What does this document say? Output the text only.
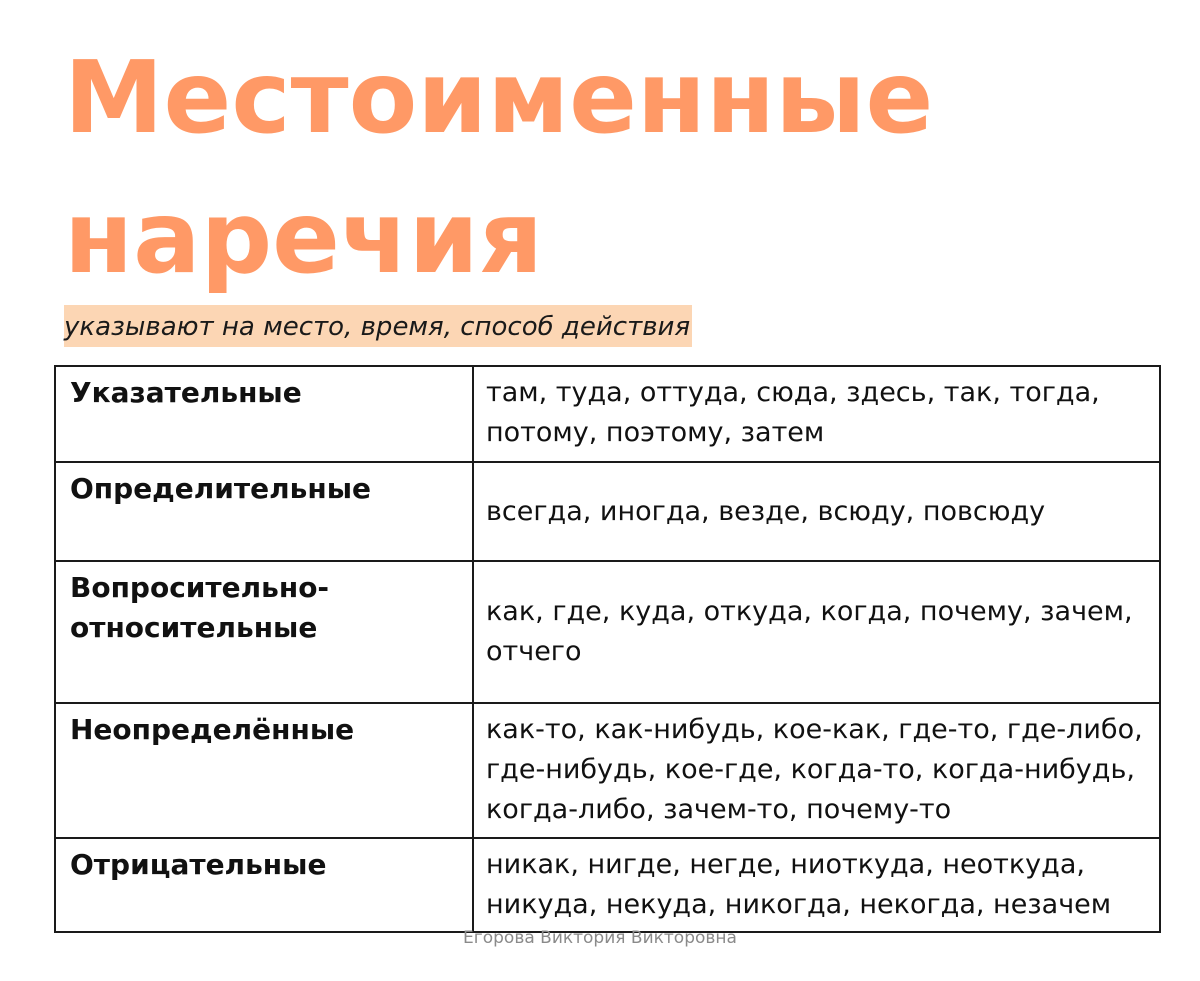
Местоименные
наречия
указывают на место, время, способ действия
Указательные	там, туда, оттуда, сюда, здесь, так, тогда, потому, поэтому, затем
Определительные	всегда, иногда, везде, всюду, повсюду
Вопросительно-относительные	как, где, куда, откуда, когда, почему, зачем, отчего
Неопределённые	как-то, как-нибудь, кое-как, где-то, где-либо, где-нибудь, кое-где, когда-то, когда-нибудь, когда-либо, зачем-то, почему-то
Отрицательные	никак, нигде, негде, ниоткуда, неоткуда, никуда, некуда, никогда, некогда, незачем
Егорова Виктория Викторовна
